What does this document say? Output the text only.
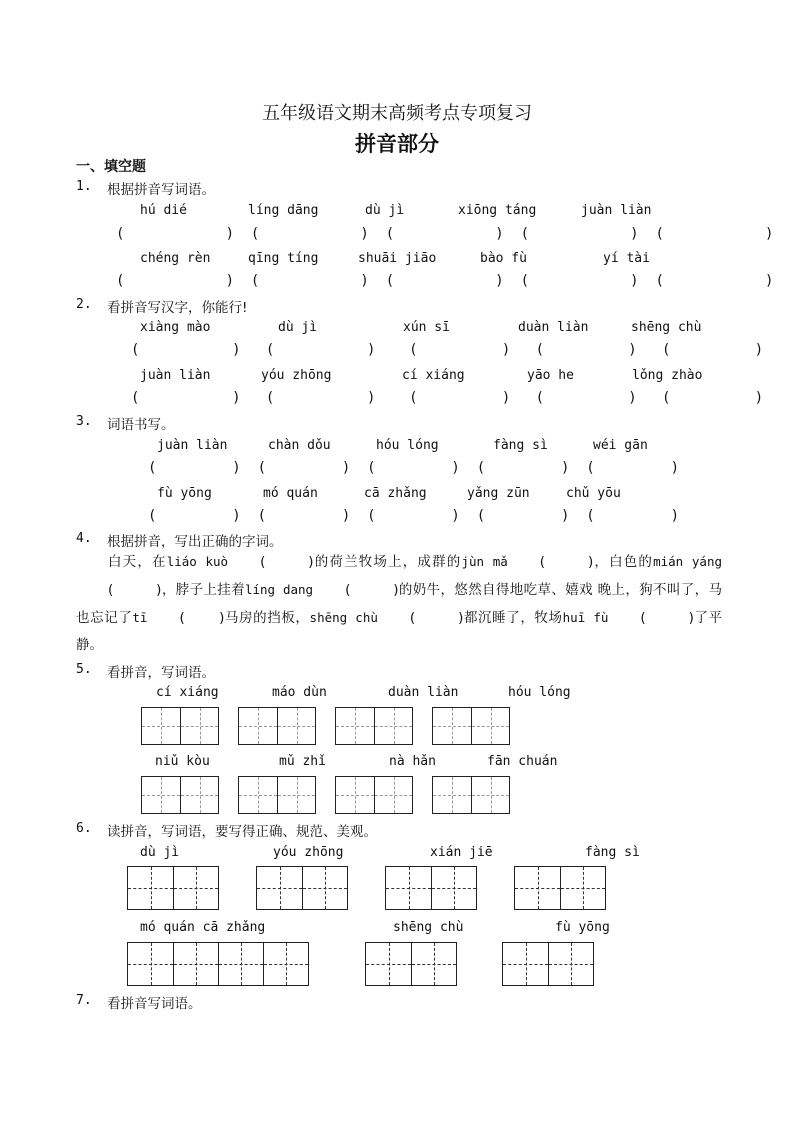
五年级语文期末高频考点专项复习
拼音部分
一、填空题
1. 根据拼音写词语。
hú dié	líng dāng	dù jì	xiōng táng	juàn liàn
(            )  (            )  (            )  (            )  (            )
chéng rèn	qīng tíng	shuāi jiāo	bào fù	yí tài
(            )  (            )  (            )  (            )  (            )
2. 看拼音写汉字，你能行!
xiàng mào	dù jì	xún sī	duàn liàn	shēng chù
(           )   (           )    (          )   (          )   (          )
juàn liàn	yóu zhōng	cí xiáng	yāo he	lǒng zhào
(           )   (           )    (          )   (          )   (          )
3. 词语书写。
juàn liàn	chàn dǒu	hóu lóng	fàng sì	wéi gān
(         )  (         )  (         )  (         )  (         )
fù yōng	mó quán	cā zhǎng	yǎng zūn	chǔ yōu
(         )  (         )  (         )  (         )  (         )
4. 根据拼音，写出正确的字词。
白天，在liáo kuò (          )的荷兰牧场上，成群的jùn mǎ (          )，白色的mián yáng(          )，脖子上挂着líng dang (          )的奶牛，悠然自得地吃草、嬉戏 晚上，狗不叫了，马也忘记了tī (        )马房的挡板，shēng chù (          )都沉睡了，牧场huī fù (          )了平静。
5. 看拼音，写词语。
cí xiáng	máo dùn	duàn liàn	hóu lóng
niǔ kòu	mǔ zhǐ	nà hǎn	fān chuán
6. 读拼音，写词语，要写得正确、规范、美观。
dù jì	yóu zhōng	xián jiē	fàng sì
mó quán cā zhǎng	shēng chù	fù yōng
7. 看拼音写词语。
